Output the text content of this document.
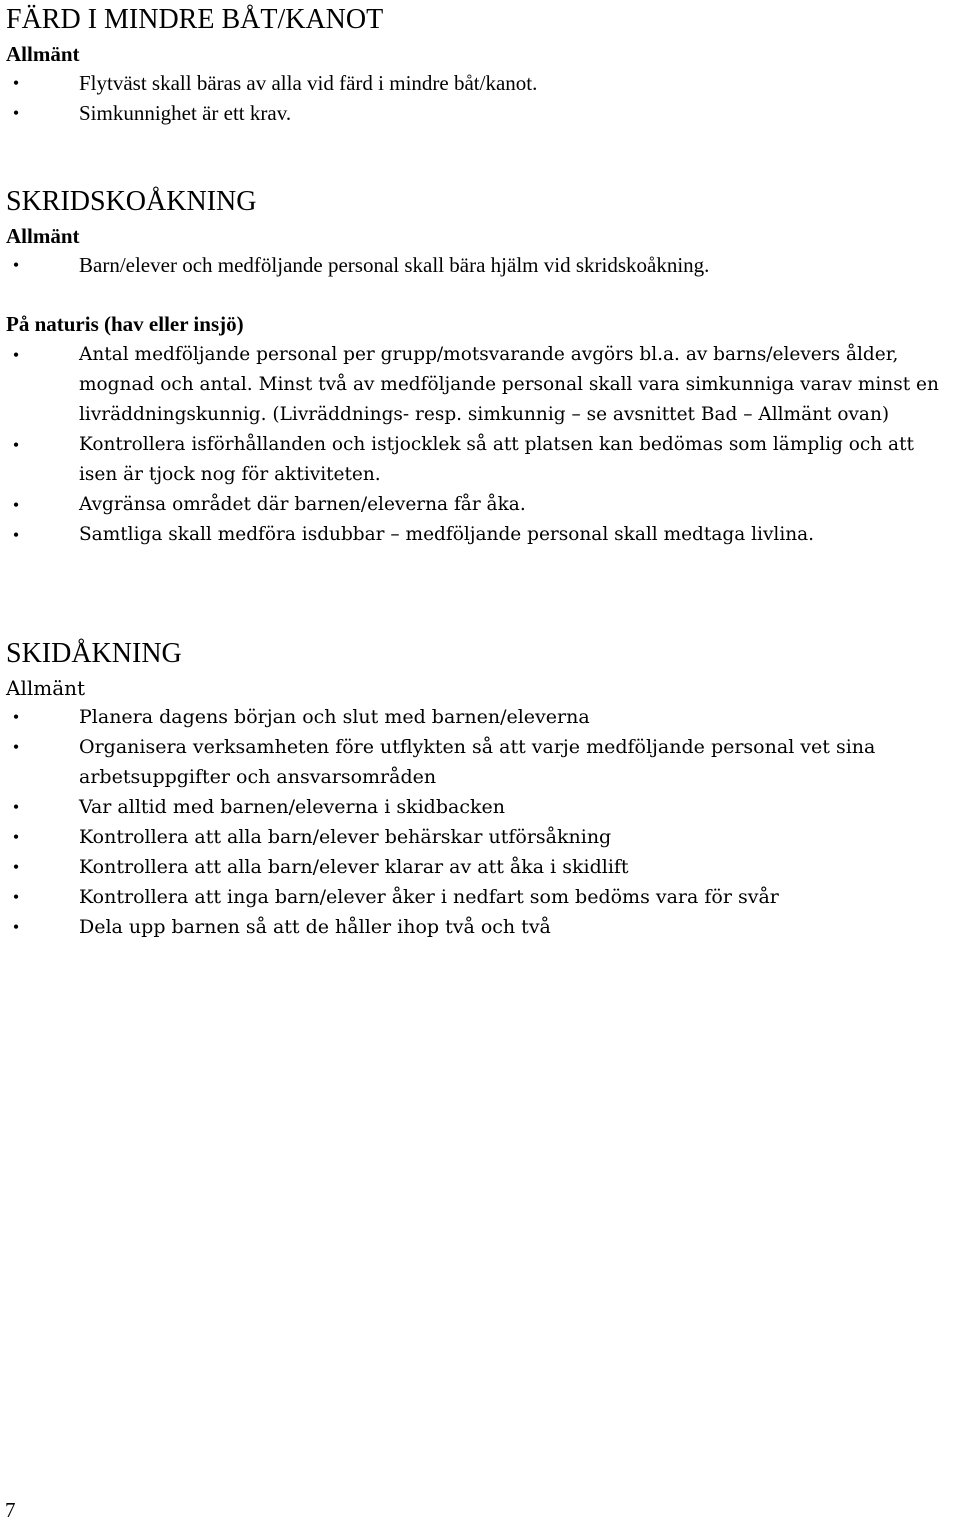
FÄRD I MINDRE BÅT/KANOT
Allmänt
•	Flytväst skall bäras av alla vid färd i mindre båt/kanot.
•	Simkunnighet är ett krav.
SKRIDSKOÅKNING
Allmänt
•	Barn/elever och medföljande personal skall bära hjälm vid skridskoåkning.
På naturis (hav eller insjö)
•	Antal medföljande personal per grupp/motsvarande avgörs bl.a. av barns/elevers ålder, mognad och antal. Minst två av medföljande personal skall vara simkunniga varav minst en livräddningskunnig. (Livräddnings- resp. simkunnig – se avsnittet Bad – Allmänt ovan)
•	Kontrollera isförhållanden och istjocklek så att platsen kan bedömas som lämplig och att isen är tjock nog för aktiviteten.
•	Avgränsa området där barnen/eleverna får åka.
•	Samtliga skall medföra isdubbar – medföljande personal skall medtaga livlina.
SKIDÅKNING
Allmänt
•	Planera dagens början och slut med barnen/eleverna
•	Organisera verksamheten före utflykten så att varje medföljande personal vet sina arbetsuppgifter och ansvarsområden
•	Var alltid med barnen/eleverna i skidbacken
•	Kontrollera att alla barn/elever behärskar utförsåkning
•	Kontrollera att alla barn/elever klarar av att åka i skidlift
•	Kontrollera att inga barn/elever åker i nedfart som bedöms vara för svår
•	Dela upp barnen så att de håller ihop två och två
7
